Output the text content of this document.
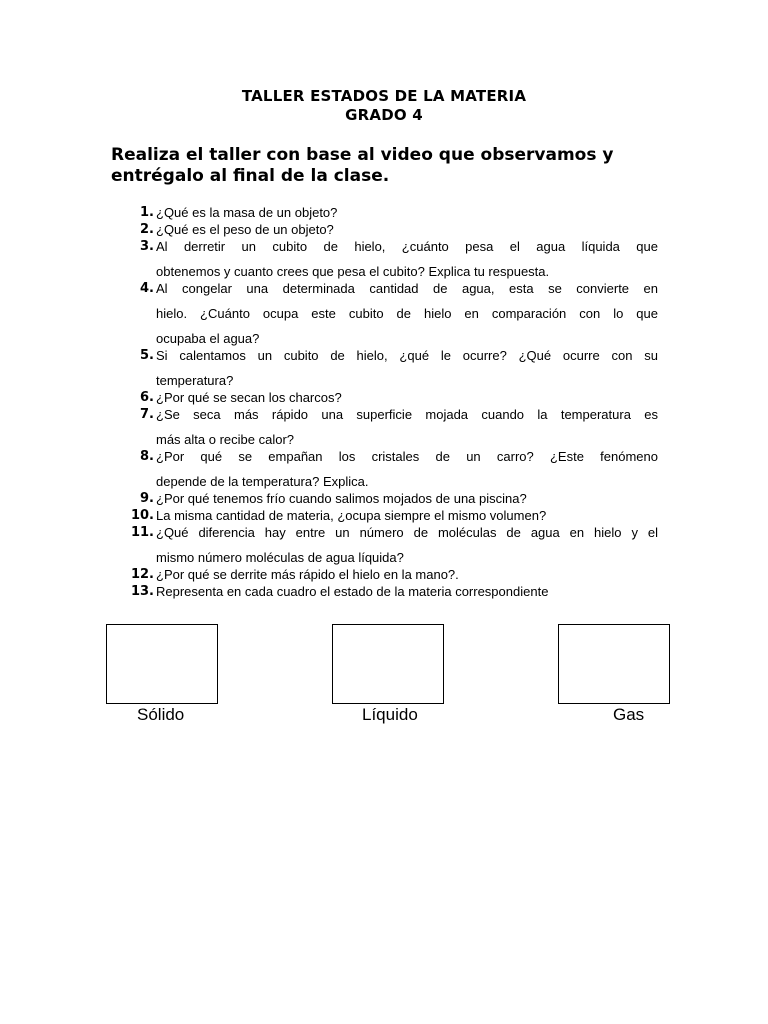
TALLER ESTADOS DE LA MATERIA
GRADO 4
Realiza el taller con base al video que observamos y
entrégalo al final de la clase.
1. ¿Qué es la masa de un objeto?
2. ¿Qué es el peso de un objeto?
3. Al derretir un cubito de hielo, ¿cuánto pesa el agua líquida que
obtenemos y cuanto crees que pesa el cubito? Explica tu respuesta.
4. Al congelar una determinada cantidad de agua, esta se convierte en
hielo. ¿Cuánto ocupa este cubito de hielo en comparación con lo que
ocupaba el agua?
5. Si calentamos un cubito de hielo, ¿qué le ocurre? ¿Qué ocurre con su
temperatura?
6. ¿Por qué se secan los charcos?
7. ¿Se seca más rápido una superficie mojada cuando la temperatura es
más alta o recibe calor?
8. ¿Por qué se empañan los cristales de un carro? ¿Este fenómeno
depende de la temperatura? Explica.
9. ¿Por qué tenemos frío cuando salimos mojados de una piscina?
10. La misma cantidad de materia, ¿ocupa siempre el mismo volumen?
11. ¿Qué diferencia hay entre un número de moléculas de agua en hielo y el
mismo número moléculas de agua líquida?
12. ¿Por qué se derrite más rápido el hielo en la mano?.
13. Representa en cada cuadro el estado de la materia correspondiente
Sólido	Líquido	Gas
